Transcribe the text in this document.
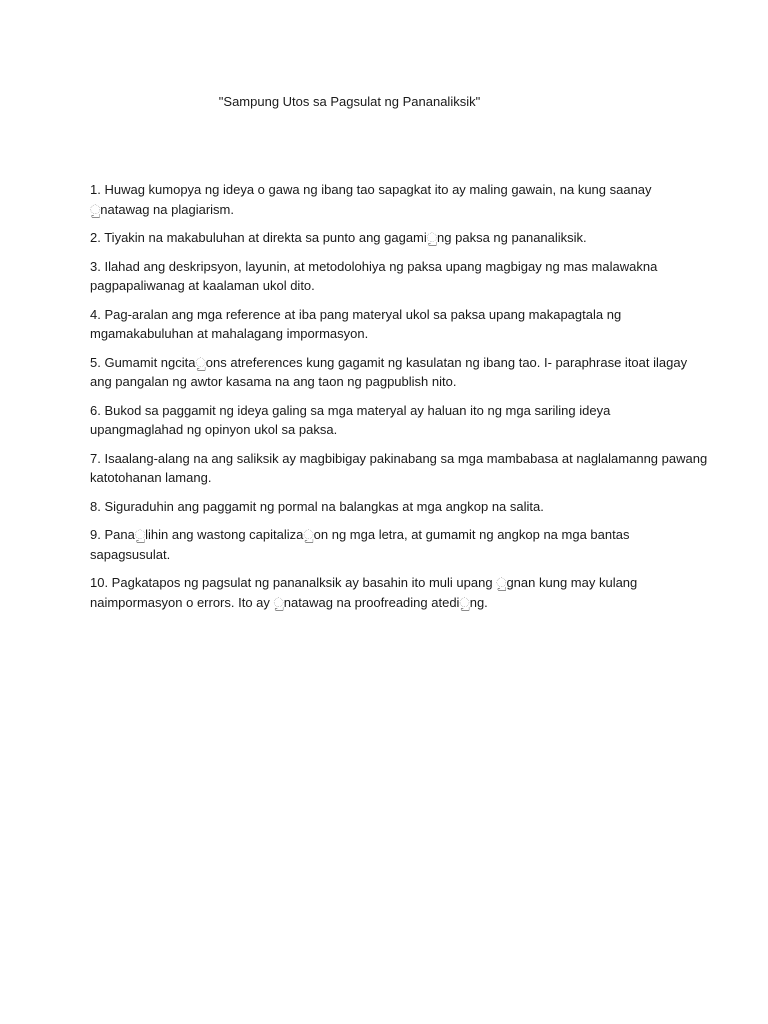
"Sampung Utos sa Pagsulat ng Pananaliksik"
1. Huwag kumopya ng ideya o gawa ng ibang tao sapagkat ito ay maling gawain, na kung saanay
ුnatawag na plagiarism.
2. Tiyakin na makabuluhan at direkta sa punto ang gagamiුng paksa ng pananaliksik.
3. Ilahad ang deskripsyon, layunin, at metodolohiya ng paksa upang magbigay ng mas malawakna
pagpapaliwanag at kaalaman ukol dito.
4. Pag-aralan ang mga reference at iba pang materyal ukol sa paksa upang makapagtala ng
mgamakabuluhan at mahalagang impormasyon.
5. Gumamit ngcitaුons atreferences kung gagamit ng kasulatan ng ibang tao. I- paraphrase itoat ilagay
ang pangalan ng awtor kasama na ang taon ng pagpublish nito.
6. Bukod sa paggamit ng ideya galing sa mga materyal ay haluan ito ng mga sariling ideya
upangmaglahad ng opinyon ukol sa paksa.
7. Isaalang-alang na ang saliksik ay magbibigay pakinabang sa mga mambabasa at naglalamanng pawang
katotohanan lamang.
8. Siguraduhin ang paggamit ng pormal na balangkas at mga angkop na salita.
9. Panaුlihin ang wastong capitalizaුon ng mga letra, at gumamit ng angkop na mga bantas
sapagsusulat.
10. Pagkatapos ng pagsulat ng pananalksik ay basahin ito muli upang ුgnan kung may kulang
naimpormasyon o errors. Ito ay ුnatawag na proofreading atediුng.
